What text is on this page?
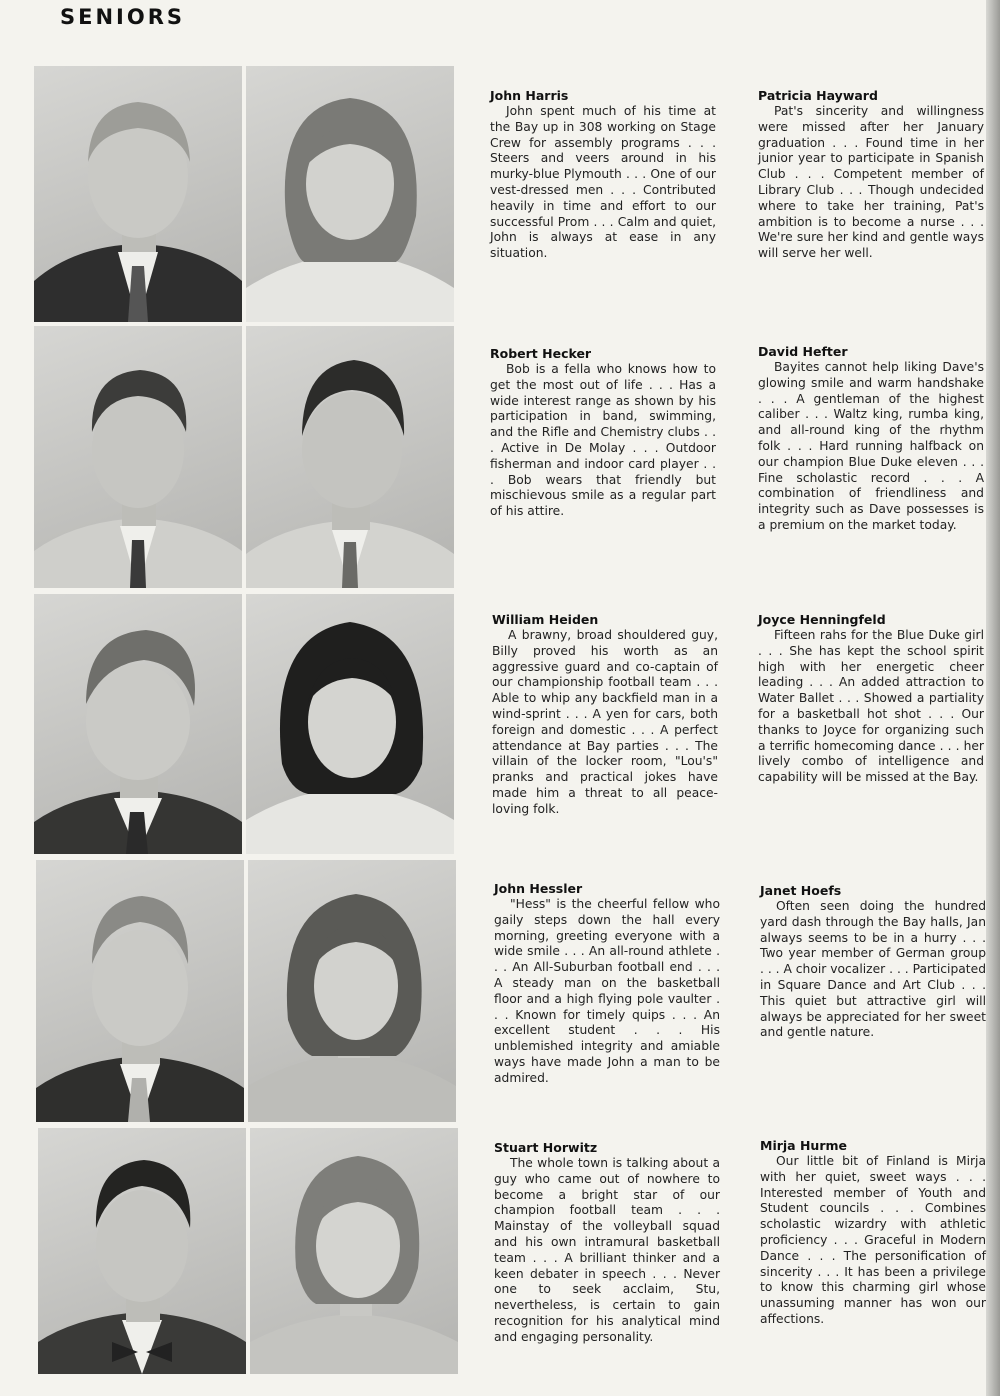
SENIORS

John Harris

John spent much of his time at the Bay up in 308 working on Stage Crew for assembly programs . . . Steers and veers around in his murky-blue Plymouth . . . One of our vest-dressed men . . . Contributed heavily in time and effort to our successful Prom . . . Calm and quiet, John is always at ease in any situation.

Robert Hecker

Bob is a fella who knows how to get the most out of life . . . Has a wide interest range as shown by his participation in band, swimming, and the Rifle and Chemistry clubs . . . Active in De Molay . . . Outdoor fisherman and indoor card player . . . Bob wears that friendly but mischievous smile as a regular part of his attire.

William Heiden

A brawny, broad shouldered guy, Billy proved his worth as an aggressive guard and co-captain of our championship football team . . . Able to whip any backfield man in a wind-sprint . . . A yen for cars, both foreign and domestic . . . A perfect attendance at Bay parties . . . The villain of the locker room, "Lou's" pranks and practical jokes have made him a threat to all peace-loving folk.

John Hessler

"Hess" is the cheerful fellow who gaily steps down the hall every morning, greeting everyone with a wide smile . . . An all-round athlete . . . An All-Suburban football end . . . A steady man on the basketball floor and a high flying pole vaulter . . . Known for timely quips . . . An excellent student . . . His unblemished integrity and amiable ways have made John a man to be admired.

Stuart Horwitz

The whole town is talking about a guy who came out of nowhere to become a bright star of our champion football team . . . Mainstay of the volleyball squad and his own intramural basketball team . . . A brilliant thinker and a keen debater in speech . . . Never one to seek acclaim, Stu, nevertheless, is certain to gain recognition for his analytical mind and engaging personality.

Patricia Hayward

Pat's sincerity and willingness were missed after her January graduation . . . Found time in her junior year to participate in Spanish Club . . . Competent member of Library Club . . . Though undecided where to take her training, Pat's ambition is to become a nurse . . . We're sure her kind and gentle ways will serve her well.

David Hefter

Bayites cannot help liking Dave's glowing smile and warm handshake . . . A gentleman of the highest caliber . . . Waltz king, rumba king, and all-round king of the rhythm folk . . . Hard running halfback on our champion Blue Duke eleven . . . Fine scholastic record . . . A combination of friendliness and integrity such as Dave possesses is a premium on the market today.

Joyce Henningfeld

Fifteen rahs for the Blue Duke girl . . . She has kept the school spirit high with her energetic cheer leading . . . An added attraction to Water Ballet . . . Showed a partiality for a basketball hot shot . . . Our thanks to Joyce for organizing such a terrific homecoming dance . . . her lively combo of intelligence and capability will be missed at the Bay.

Janet Hoefs

Often seen doing the hundred yard dash through the Bay halls, Jan always seems to be in a hurry . . . Two year member of German group . . . A choir vocalizer . . . Participated in Square Dance and Art Club . . . This quiet but attractive girl will always be appreciated for her sweet and gentle nature.

Mirja Hurme

Our little bit of Finland is Mirja with her quiet, sweet ways . . . Interested member of Youth and Student councils . . . Combines scholastic wizardry with athletic proficiency . . . Graceful in Modern Dance . . . The personification of sincerity . . . It has been a privilege to know this charming girl whose unassuming manner has won our affections.
